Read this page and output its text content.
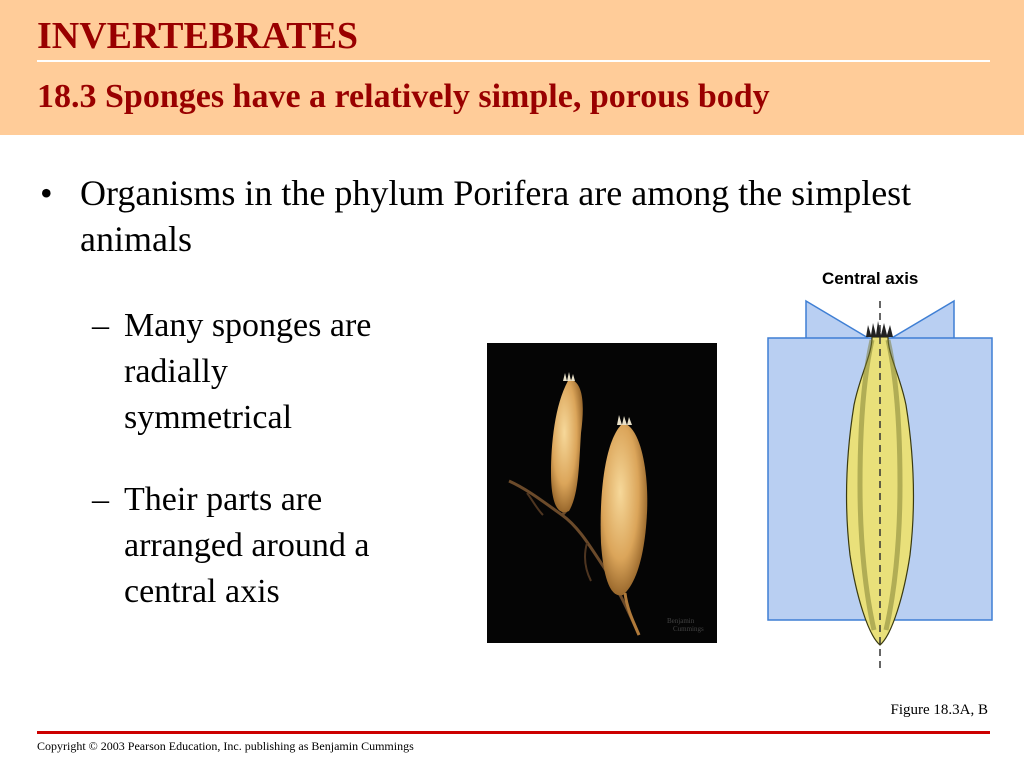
INVERTEBRATES
18.3 Sponges have a relatively simple, porous body
• Organisms in the phylum Porifera are among the simplest animals
– Many sponges are radially symmetrical
– Their parts are arranged around a central axis
Benjamin
Cummings
Central axis
Figure 18.3A, B
Copyright © 2003 Pearson Education, Inc. publishing as Benjamin Cummings
